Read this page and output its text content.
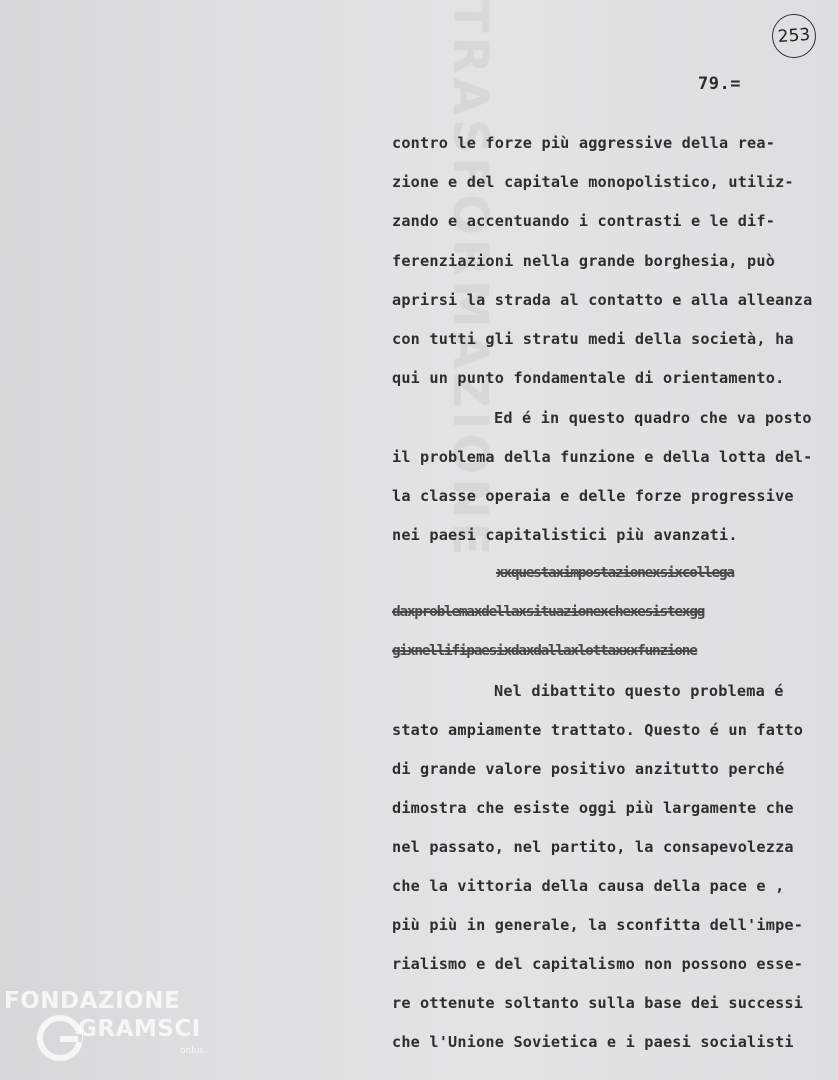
TRASFORMAZIONE	253
79.=
contro le forze più aggressive della rea-
zione e del capitale monopolistico, utiliz-
zando e accentuando i contrasti e le dif-
ferenziazioni nella grande borghesia, può
aprirsi la strada al contatto e alla alleanza
con tutti gli stratu medi della società, ha
qui un punto fondamentale di orientamento.
Ed é in questo quadro che va posto
il problema della funzione e della lotta del-
la classe operaia e delle forze progressive
nei paesi capitalistici più avanzati.
xxquestaximpostazionexsixcollega
daxproblemaxdellaxsituazionexchexesistexgg
gixnellifipaesixdaxdallaxlottaxxxfunzione
Nel dibattito questo problema é
stato ampiamente trattato. Questo é un fatto
di grande valore positivo anzitutto perché
dimostra che esiste oggi più largamente che
nel passato, nel partito, la consapevolezza
che la vittoria della causa della pace e ,
più più in generale, la sconfitta dell'impe-
rialismo e del capitalismo non possono esse-
re ottenute soltanto sulla base dei successi
che l'Unione Sovietica e i paesi socialisti
FONDAZIONE
GRAMSCI
onlus
